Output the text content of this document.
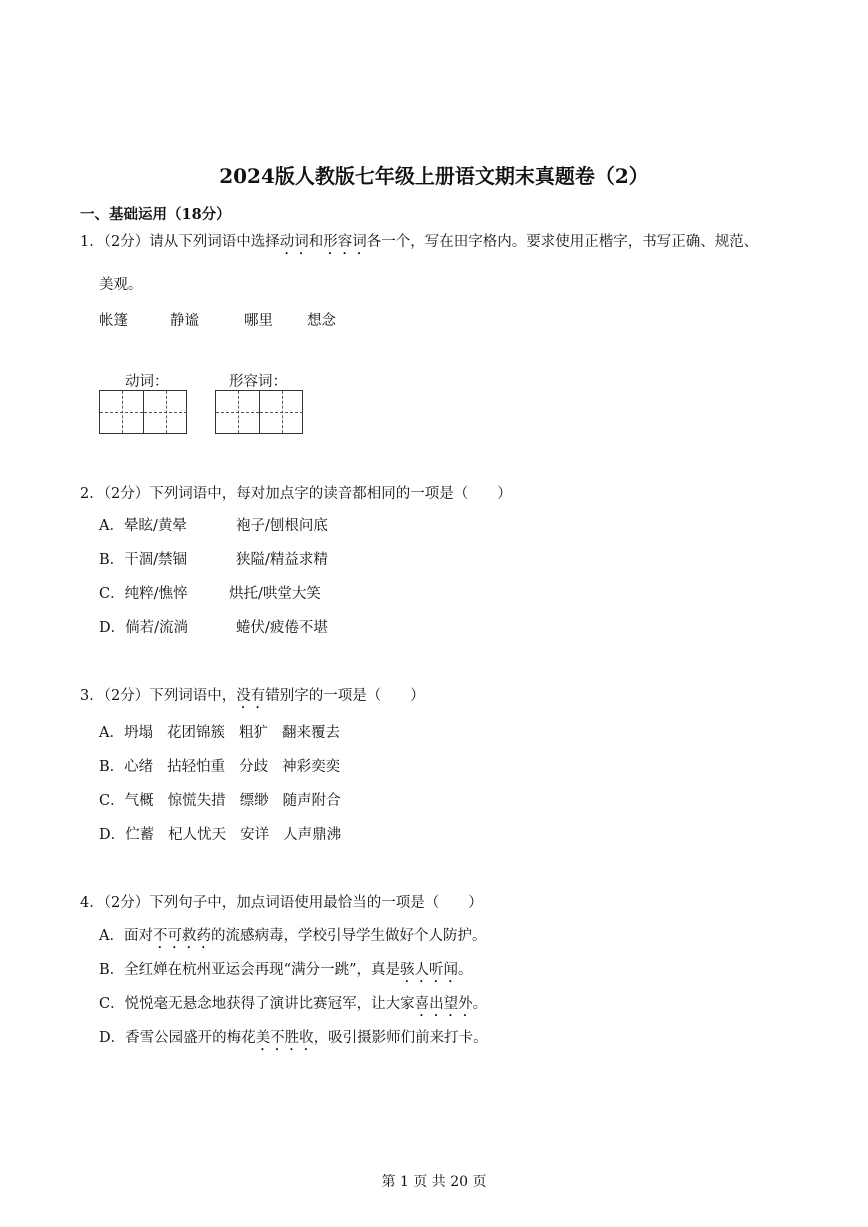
2024版人教版七年级上册语文期末真题卷（2）
一、基础运用（18分）
1．（2分）请从下列词语中选择动词和形容词各一个，写在田字格内。要求使用正楷字，书写正确、规范、
美观。
帐篷	静谧	哪里 想念
动词：	形容词：
2．（2分）下列词语中，每对加点字的读音都相同的一项是（　　）
A．晕眩/黄晕	袍子/刨根问底
B．干涸/禁锢	狭隘/精益求精
C．纯粹/憔悴	烘托/哄堂大笑
D．倘若/流淌	蜷伏/疲倦不堪
3．（2分）下列词语中，没有错别字的一项是（　　）
A．坍塌 花团锦簇 粗犷 翻来覆去
B．心绪 拈轻怕重 分歧 神彩奕奕
C．气概 惊慌失措 缥缈 随声附合
D．伫蓄 杞人忧天 安详 人声鼎沸
4．（2分）下列句子中，加点词语使用最恰当的一项是（　　）
A．面对不可救药的流感病毒，学校引导学生做好个人防护。
B．全红婵在杭州亚运会再现“满分一跳”，真是骇人听闻。
C．悦悦毫无悬念地获得了演讲比赛冠军，让大家喜出望外。
D．香雪公园盛开的梅花美不胜收，吸引摄影师们前来打卡。
第 1 页 共 20 页
